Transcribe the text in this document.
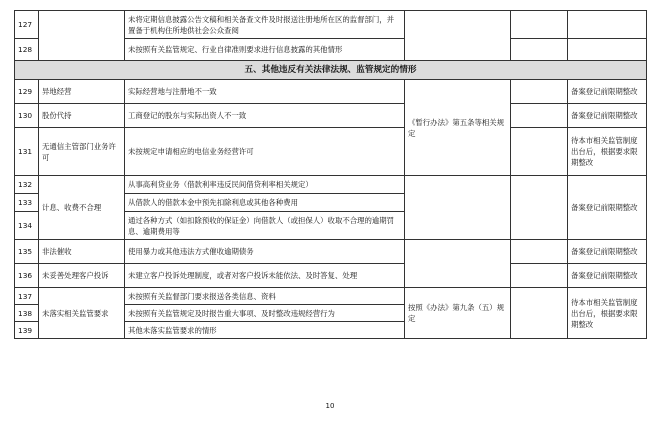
127		未将定期信息披露公告文稿和相关备查文件及时报送注册地所在区的监督部门，并置备于机构住所地供社会公众查阅			
128		未按照有关监管规定、行业自律准则要求进行信息披露的其他情形			
五、其他违反有关法律法规、监管规定的情形					
129	异地经营	实际经营地与注册地不一致	《暂行办法》第五条等相关规定		备案登记前限期整改
130	股份代持	工商登记的股东与实际出资人不一致			备案登记前限期整改
131	无通信主管部门业务许可	未按规定申请相应的电信业务经营许可			待本市相关监管制度出台后，根据要求限期整改
132	计息、收费不合理	从事高利贷业务（借款利率违反民间借贷利率相关规定）			备案登记前限期整改
133		从借款人的借款本金中预先扣除利息或其他各种费用			
134		通过各种方式（如扣除预收的保证金）向借款人（或担保人）收取不合理的逾期罚息、逾期费用等			
135	非法催收	使用暴力或其他违法方式催收逾期债务			备案登记前限期整改
136	未妥善处理客户投诉	未建立客户投诉处理制度，或者对客户投诉未能依法、及时答复、处理			备案登记前限期整改
137	未落实相关监管要求	未按照有关监督部门要求报送各类信息、资料	按照《办法》第九条（五）规定		待本市相关监管制度出台后，根据要求限期整改
138		未按照有关监管规定及时报告重大事项、及时整改违规经营行为			
139		其他未落实监管要求的情形			
10
